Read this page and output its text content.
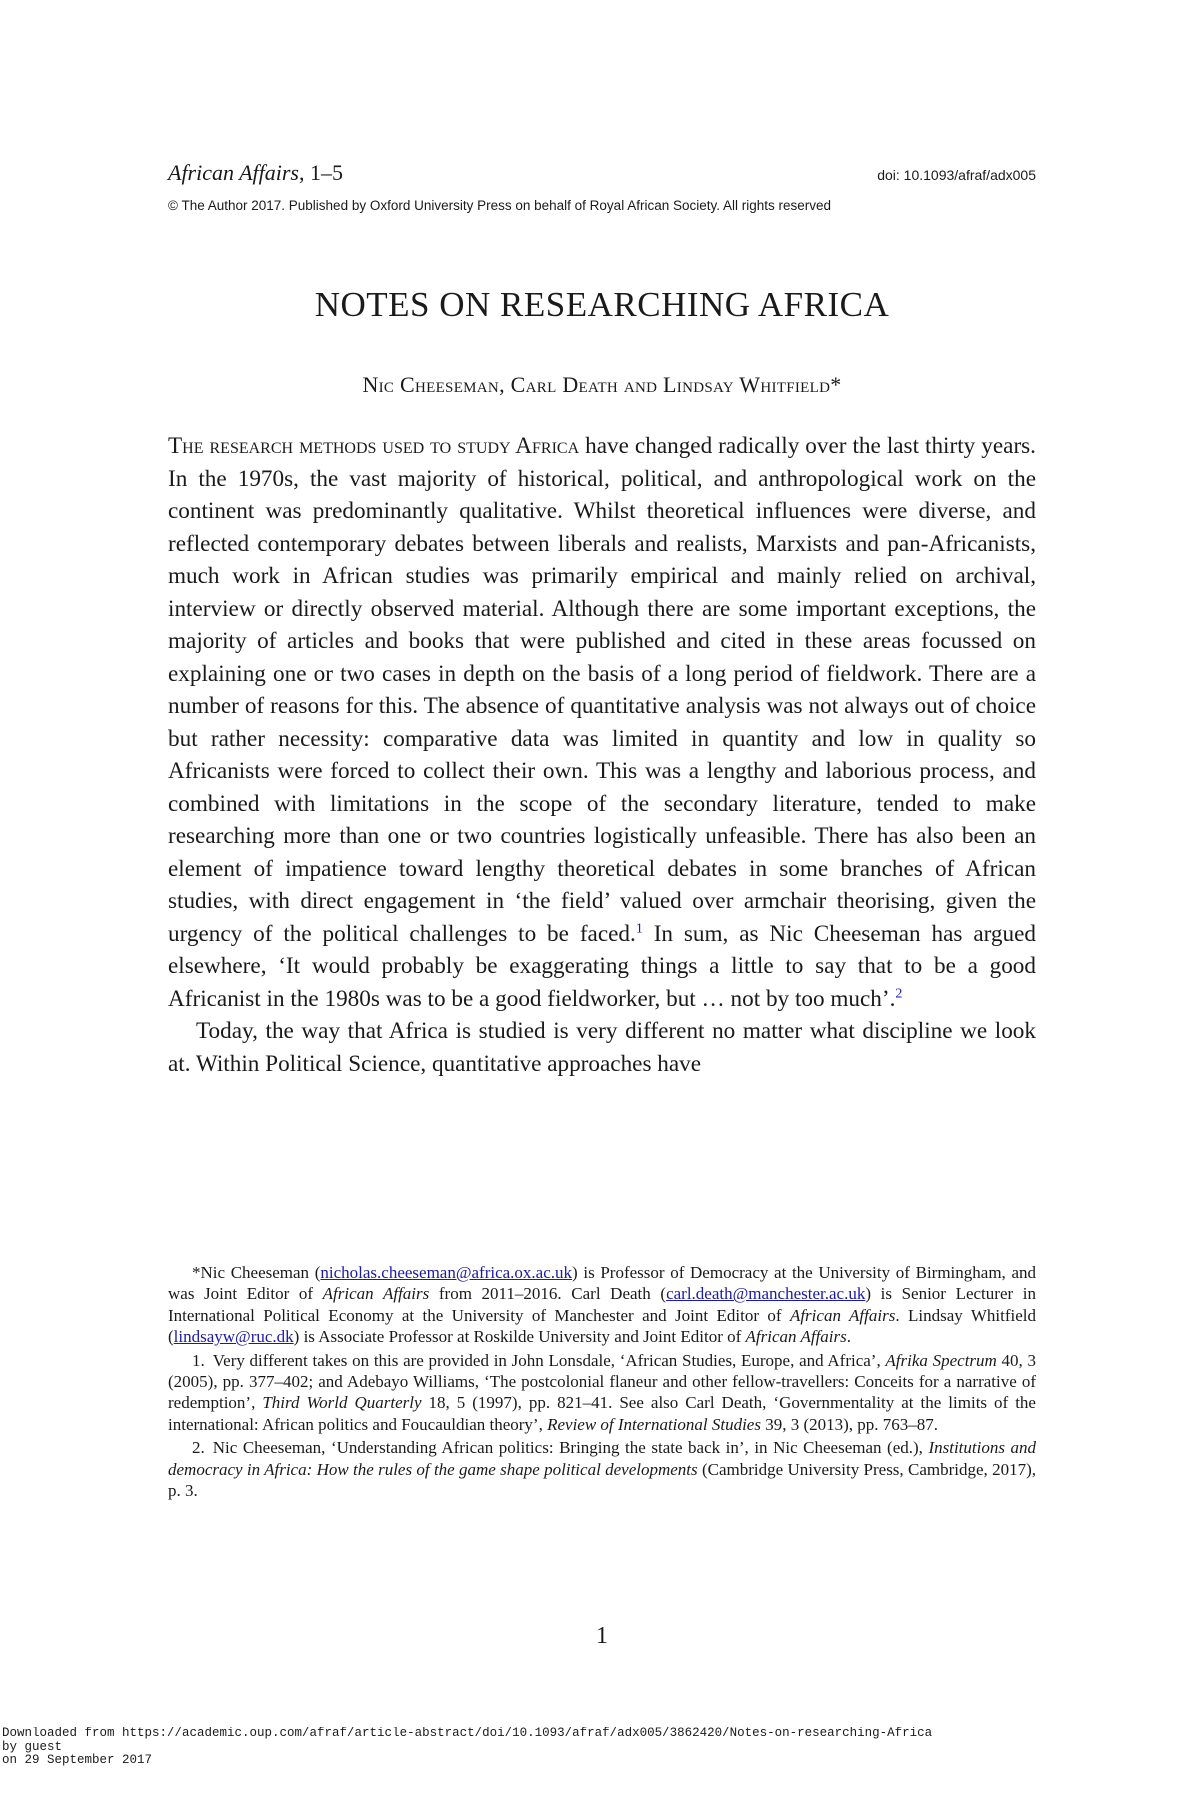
African Affairs, 1–5	doi: 10.1093/afraf/adx005
© The Author 2017. Published by Oxford University Press on behalf of Royal African Society. All rights reserved
NOTES ON RESEARCHING AFRICA
Nic Cheeseman, Carl Death and Lindsay Whitfield*

The research methods used to study Africa have changed radically over the last thirty years. In the 1970s, the vast majority of historical, political, and anthropological work on the continent was predominantly qualitative. Whilst theoretical influences were diverse, and reflected contemporary debates between liberals and realists, Marxists and pan-Africanists, much work in African studies was primarily empirical and mainly relied on archival, interview or directly observed material. Although there are some important exceptions, the majority of articles and books that were published and cited in these areas focussed on explaining one or two cases in depth on the basis of a long period of fieldwork. There are a number of reasons for this. The absence of quantitative analysis was not always out of choice but rather necessity: comparative data was limited in quantity and low in quality so Africanists were forced to collect their own. This was a lengthy and laborious process, and combined with limitations in the scope of the secondary literature, tended to make researching more than one or two countries logistically unfeasible. There has also been an element of impatience toward lengthy theoretical debates in some branches of African studies, with direct engagement in ‘the field’ valued over armchair theorising, given the urgency of the political challenges to be faced.$^1$ In sum, as Nic Cheeseman has argued elsewhere, ‘It would probably be exaggerating things a little to say that to be a good Africanist in the 1980s was to be a good fieldworker, but … not by too much’.$^2$

Today, the way that Africa is studied is very different no matter what discipline we look at. Within Political Science, quantitative approaches have

*Nic Cheeseman (nicholas.cheeseman@africa.ox.ac.uk) is Professor of Democracy at the University of Birmingham, and was Joint Editor of African Affairs from 2011–2016. Carl Death (carl.death@manchester.ac.uk) is Senior Lecturer in International Political Economy at the University of Manchester and Joint Editor of African Affairs. Lindsay Whitfield (lindsayw@ruc.dk) is Associate Professor at Roskilde University and Joint Editor of African Affairs.

1. Very different takes on this are provided in John Lonsdale, ‘African Studies, Europe, and Africa’, Afrika Spectrum 40, 3 (2005), pp. 377–402; and Adebayo Williams, ‘The postcolonial flaneur and other fellow-travellers: Conceits for a narrative of redemption’, Third World Quarterly 18, 5 (1997), pp. 821–41. See also Carl Death, ‘Governmentality at the limits of the international: African politics and Foucauldian theory’, Review of International Studies 39, 3 (2013), pp. 763–87.

2. Nic Cheeseman, ‘Understanding African politics: Bringing the state back in’, in Nic Cheeseman (ed.), Institutions and democracy in Africa: How the rules of the game shape political developments (Cambridge University Press, Cambridge, 2017), p. 3.

1
Downloaded from https://academic.oup.com/afraf/article-abstract/doi/10.1093/afraf/adx005/3862420/Notes-on-researching-Africa
by guest
on 29 September 2017
